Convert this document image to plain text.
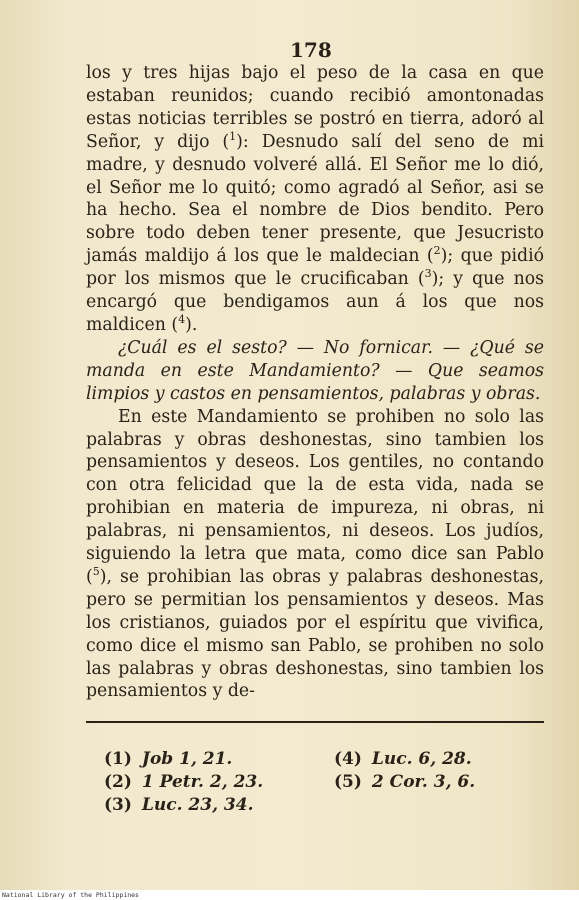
178

los y tres hijas bajo el peso de la casa en que estaban reunidos; cuando recibió amontonadas estas noticias terribles se postró en tierra, adoró al Señor, y dijo ($^1$): Desnudo salí del seno de mi madre, y desnudo volveré allá. El Señor me lo dió, el Señor me lo quitó; como agradó al Señor, asi se ha hecho. Sea el nombre de Dios bendito. Pero sobre todo deben tener presente, que Jesucristo jamás maldijo á los que le maldecian ($^2$); que pidió por los mismos que le crucificaban ($^3$); y que nos encargó que bendigamos aun á los que nos maldicen ($^4$).

¿Cuál es el sesto? — No fornicar. — ¿Qué se manda en este Mandamiento? — Que seamos limpios y castos en pensamientos, palabras y obras.

En este Mandamiento se prohiben no solo las palabras y obras deshonestas, sino tambien los pensamientos y deseos. Los gentiles, no contando con otra felicidad que la de esta vida, nada se prohibian en materia de impureza, ni obras, ni palabras, ni pensamientos, ni deseos. Los judíos, siguiendo la letra que mata, como dice san Pablo ($^5$), se prohibian las obras y palabras deshonestas, pero se permitian los pensamientos y deseos. Mas los cristianos, guiados por el espíritu que vivifica, como dice el mismo san Pablo, se prohiben no solo las palabras y obras deshonestas, sino tambien los pensamientos y de-

(1) Job 1, 21.
(2) 1 Petr. 2, 23.
(3) Luc. 23, 34.
(4) Luc. 6, 28.
(5) 2 Cor. 3, 6.
National Library of the Philippines
